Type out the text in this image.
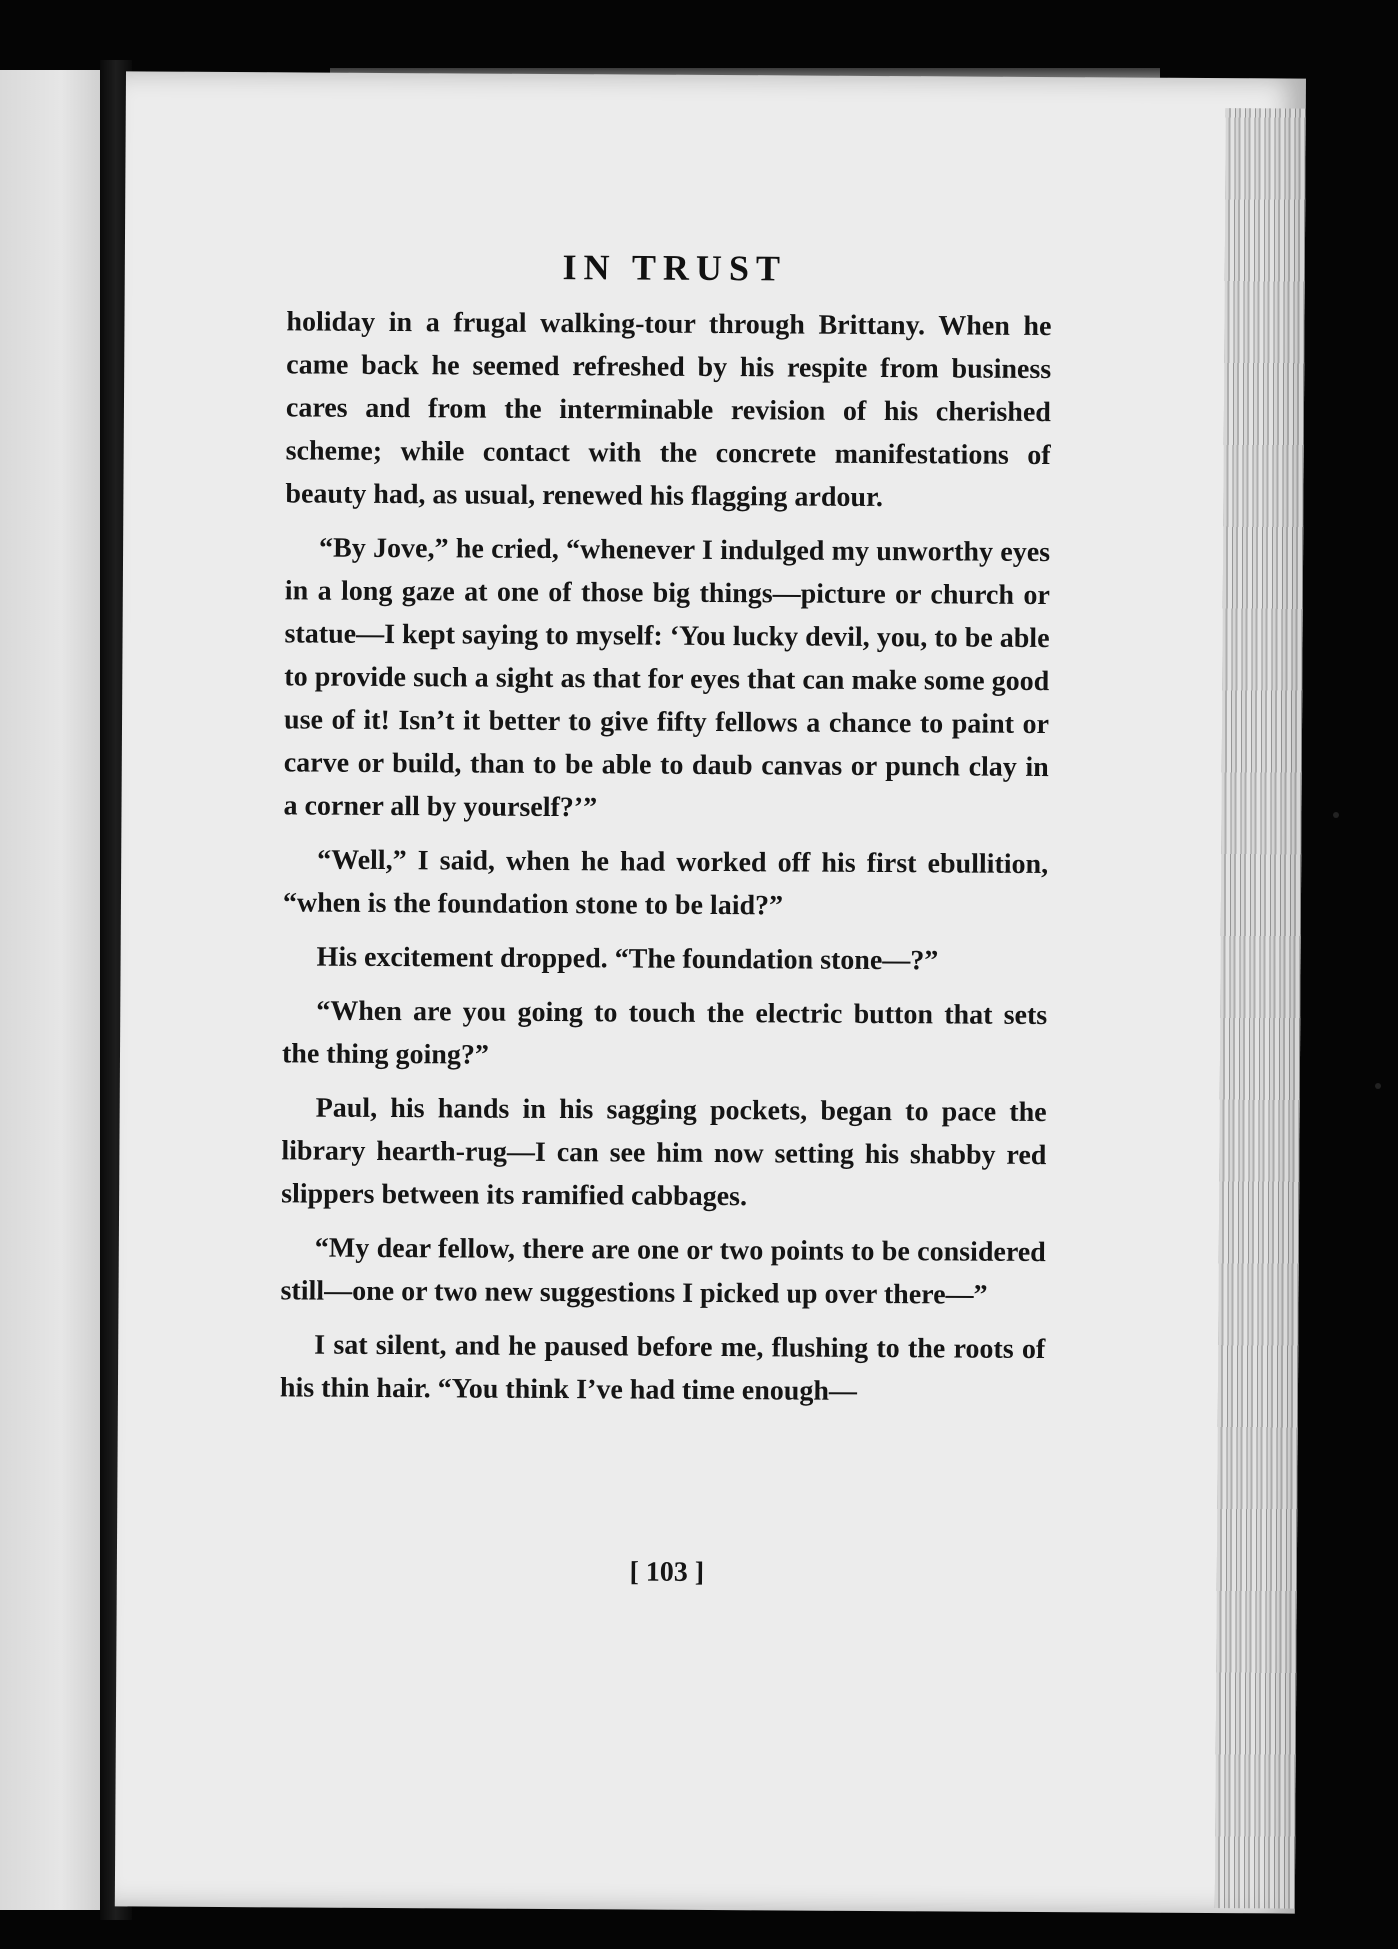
IN TRUST

holiday in a frugal walking-tour through Brittany. When he came back he seemed refreshed by his respite from business cares and from the interminable revision of his cherished scheme; while contact with the concrete manifestations of beauty had, as usual, renewed his flagging ardour.

“By Jove,” he cried, “whenever I indulged my unworthy eyes in a long gaze at one of those big things—picture or church or statue—I kept saying to myself: ‘You lucky devil, you, to be able to provide such a sight as that for eyes that can make some good use of it! Isn’t it better to give fifty fellows a chance to paint or carve or build, than to be able to daub canvas or punch clay in a corner all by yourself?’”

“Well,” I said, when he had worked off his first ebullition, “when is the foundation stone to be laid?”

His excitement dropped. “The foundation stone—?”

“When are you going to touch the electric button that sets the thing going?”

Paul, his hands in his sagging pockets, began to pace the library hearth-rug—I can see him now setting his shabby red slippers between its ramified cabbages.

“My dear fellow, there are one or two points to be considered still—one or two new suggestions I picked up over there—”

I sat silent, and he paused before me, flushing to the roots of his thin hair. “You think I’ve had time enough—

[ 103 ]
